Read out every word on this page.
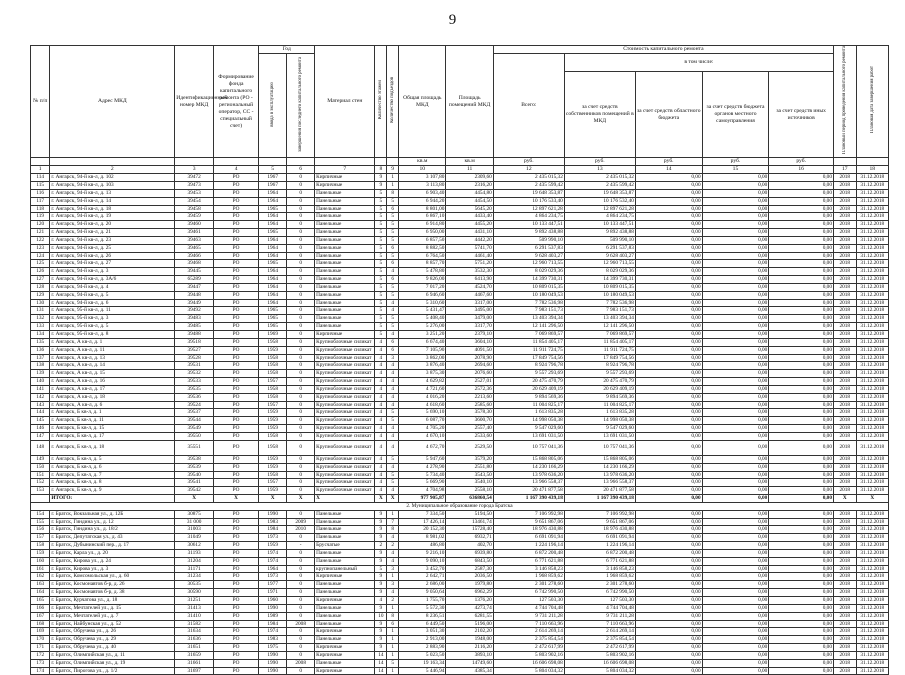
9
№ п/п	Адрес МКД	Идентификационный номер МКД	Формирование фонда капитального ремонта (РО - региональный оператор, СС - специальный счет)	Год		Материал стен	Количество этажей	Количество подъездов	Общая площадь МКД	Площадь помещений МКД	Стоимость капитального ремонта					Плановый период проведения капитального ремонта	Плановая дата завершения работ
				ввода в эксплуатацию	завершения последнего капитального ремонта						Всего:	в том числе:					
												за счет средств собственников помещений в МКД	за счет средств областного бюджета	за счет средств бюджета органов местного самоуправления	за счет средств иных источников		
									кв.м	кв.м	руб.	руб.	руб.	руб.	руб.		
1	2	3	4	5	6	7	8	9	10	11	12	13	14	15	16	17	18
114	г. Ангарск, 94-й кв-л, д. 102	39472	РО	1967	0	Кирпичные	9	1	3 107,80	2309,60	2 435 015,32	2 435 015,32	0,00	0,00	0,00	2018	31.12.2018
115	г. Ангарск, 94-й кв-л, д. 103	39473	РО	1967	0	Кирпичные	9	1	3 113,80	2316,20	2 435 599,42	2 435 599,42	0,00	0,00	0,00	2018	31.12.2018
116	г. Ангарск, 94-й кв-л, д. 13	39453	РО	1964	0	Панельные	5	8	6 903,40	4454,80	19 648 353,87	19 648 353,87	0,00	0,00	0,00	2018	31.12.2018
117	г. Ангарск, 94-й кв-л, д. 14	39454	РО	1964	0	Панельные	5	5	6 944,20	4454,50	10 176 533,40	10 176 532,40	0,00	0,00	0,00	2018	31.12.2018
118	г. Ангарск, 94-й кв-л, д. 18	39458	РО	1965	0	Панельные	5	6	8 801,00	5645,20	12 897 621,28	12 897 621,28	0,00	0,00	0,00	2018	31.12.2018
119	г. Ангарск, 94-й кв-л, д. 19	39459	РО	1964	0	Панельные	5	5	6 867,10	4433,40	4 864 234,75	4 864 234,75	0,00	0,00	0,00	2018	31.12.2018
120	г. Ангарск, 94-й кв-л, д. 20	39460	РО	1964	0	Панельные	5	5	6 914,80	4455,20	10 133 447,51	10 133 447,51	0,00	0,00	0,00	2018	31.12.2018
121	г. Ангарск, 94-й кв-л, д. 21	39461	РО	1965	0	Панельные	5	5	6 950,00	4431,10	9 892 438,88	9 892 438,88	0,00	0,00	0,00	2018	31.12.2018
122	г. Ангарск, 94-й кв-л, д. 23	39463	РО	1964	0	Панельные	5	5	6 857,50	4442,20	509 990,10	509 990,10	0,00	0,00	0,00	2018	31.12.2018
123	г. Ангарск, 94-й кв-л, д. 25	39465	РО	1964	0	Панельные	5	6	8 882,50	5741,70	6 291 537,83	6 291 537,83	0,00	0,00	0,00	2018	31.12.2018
124	г. Ангарск, 94-й кв-л, д. 26	39466	РО	1964	0	Панельные	5	5	6 764,50	4461,40	9 628 403,27	9 628 403,27	0,00	0,00	0,00	2018	31.12.2018
125	г. Ангарск, 94-й кв-л, д. 27	39468	РО	1965	0	Панельные	5	6	8 857,70	5751,20	12 960 713,55	12 960 713,55	0,00	0,00	0,00	2018	31.12.2018
126	г. Ангарск, 94-й кв-л, д. 3	39445	РО	1964	0	Панельные	5	4	5 478,80	3532,30	8 029 029,36	8 029 029,36	0,00	0,00	0,00	2018	31.12.2018
127	г. Ангарск, 94-й кв-л, д. 3А/6	65289	РО	1964	0	Панельные	5	6	9 826,00	6413,90	14 399 730,31	14 399 730,31	0,00	0,00	0,00	2018	31.12.2018
128	г. Ангарск, 94-й кв-л, д. 4	39447	РО	1964	0	Панельные	5	5	7 017,20	4524,70	10 809 015,35	10 809 015,35	0,00	0,00	0,00	2018	31.12.2018
129	г. Ангарск, 94-й кв-л, д. 5	39448	РО	1964	0	Панельные	5	5	6 946,60	4467,60	10 180 049,53	10 180 049,53	0,00	0,00	0,00	2018	31.12.2018
130	г. Ангарск, 94-й кв-л, д. 6	39449	РО	1964	0	Панельные	5	4	5 310,60	3317,00	7 782 536,98	7 782 536,98	0,00	0,00	0,00	2018	31.12.2018
131	г. Ангарск, 95-й кв-л, д. 11	39492	РО	1965	0	Панельные	5	4	5 431,47	3495,00	7 983 151,73	7 983 151,73	0,00	0,00	0,00	2018	31.12.2018
132	г. Ангарск, 95-й кв-л, д. 3	39483	РО	1965	0	Панельные	5	5	5 408,40	3479,00	13 403 394,34	13 403 394,34	0,00	0,00	0,00	2018	31.12.2018
133	г. Ангарск, 95-й кв-л, д. 5	39485	РО	1965	0	Панельные	5	5	5 276,00	3317,70	12 141 296,50	12 141 296,50	0,00	0,00	0,00	2018	31.12.2018
134	г. Ангарск, 95-й кв-л, д. 8	39488	РО	1969	0	Кирпичные	5	4	3 251,20	2379,10	7 069 869,57	7 069 869,57	0,00	0,00	0,00	2018	31.12.2018
135	г. Ангарск, А кв-л, д. 1	39518	РО	1958	0	Крупноблочные силикат	4	6	6 674,40	3604,10	11 854 405,17	11 854 405,17	0,00	0,00	0,00	2018	31.12.2018
136	г. Ангарск, А кв-л, д. 11	39527	РО	1959	0	Крупноблочные силикат	4	6	7 105,90	4091,50	11 911 724,75	11 911 724,75	0,00	0,00	0,00	2018	31.12.2018
137	г. Ангарск, А кв-л, д. 13	39528	РО	1958	0	Крупноблочные силикат	4	3	3 862,00	2078,90	17 849 754,56	17 849 754,56	0,00	0,00	0,00	2018	31.12.2018
138	г. Ангарск, А кв-л, д. 14	39531	РО	1958	0	Крупноблочные силикат	4	4	3 876,40	2694,60	8 924 796,78	8 924 796,78	0,00	0,00	0,00	2018	31.12.2018
139	г. Ангарск, А кв-л, д. 15	39532	РО	1958	0	Крупноблочные силикат	4	4	3 875,30	2076,60	9 557 293,69	9 557 293,69	0,00	0,00	0,00	2018	31.12.2018
140	г. Ангарск, А кв-л, д. 16	39533	РО	1957	0	Крупноблочные силикат	4	4	4 629,82	2527,01	20 475 470,79	20 475 470,79	0,00	0,00	0,00	2018	31.12.2018
141	г. Ангарск, А кв-л, д. 17	39535	РО	1958	0	Крупноблочные силикат	4	4	4 721,60	2572,36	20 629 409,19	20 629 409,19	0,00	0,00	0,00	2018	31.12.2018
142	г. Ангарск, А кв-л, д. 18	39536	РО	1958	0	Крупноблочные силикат	4	4	4 016,20	2213,60	9 894 569,36	9 894 569,36	0,00	0,00	0,00	2018	31.12.2018
143	г. Ангарск, А кв-л, д. 6	39524	РО	1957	0	Крупноблочные силикат	4	4	4 618,60	2585,60	11 004 825,17	11 004 825,17	0,00	0,00	0,00	2018	31.12.2018
144	г. Ангарск, Б кв-л, д. 1	39537	РО	1959	0	Крупноблочные силикат	4	5	5 690,10	3578,30	1 613 835,28	1 613 835,28	0,00	0,00	0,00	2018	31.12.2018
145	г. Ангарск, Б кв-л, д. 11	39544	РО	1959	0	Крупноблочные силикат	4	5	6 087,70	3600,70	14 998 050,38	14 998 050,38	0,00	0,00	0,00	2018	31.12.2018
146	г. Ангарск, Б кв-л, д. 15	39549	РО	1959	0	Крупноблочные силикат	4	4	4 705,20	2557,40	9 547 029,60	9 547 029,60	0,00	0,00	0,00	2018	31.12.2018
147	г. Ангарск, Б кв-л, д. 17	39550	РО	1958	0	Крупноблочные силикат	4	4	4 670,10	2533,60	13 691 031,50	13 691 031,50	0,00	0,00	0,00	2018	31.12.2018
148	г. Ангарск, Б кв-л, д. 18	35551	РО	1958	0	Крупноблочные силикат	4	4	4 672,70	2529,50	10 757 041,36	10 757 041,36	0,00	0,00	0,00	2018	31.12.2018
149	г. Ангарск, Б кв-л, д. 5	39538	РО	1959	0	Крупноблочные силикат	4	5	5 947,60	3579,20	15 868 805,06	15 868 805,06	0,00	0,00	0,00	2018	31.12.2018
150	г. Ангарск, Б кв-л, д. 6	39539	РО	1959	0	Крупноблочные силикат	4	4	4 278,90	2551,80	14 230 166,29	14 230 166,29	0,00	0,00	0,00	2018	31.12.2018
151	г. Ангарск, Б кв-л, д. 7	39540	РО	1958	0	Крупноблочные силикат	4	5	5 734,40	3543,50	13 978 636,20	13 978 636,20	0,00	0,00	0,00	2018	31.12.2018
152	г. Ангарск, Б кв-л, д. 8	39541	РО	1957	0	Крупноблочные силикат	4	5	5 669,90	3540,10	13 966 558,37	13 966 558,37	0,00	0,00	0,00	2018	31.12.2018
153	г. Ангарск, Б кв-л, д. 9	39542	РО	1959	0	Крупноблочные силикат	4	4	4 704,98	2558,10	20 471 877,58	20 471 877,58	0,00	0,00	0,00	2018	31.12.2018
	ИТОГО:	X	X	X	X	X	X	X	977 905,87	636860,54	1 167 390 439,18	1 167 390 439,18	0,00	0,00	0,00	X	X
2. Муниципальное образование города Братска																	
154	г. Братск, Вокзальная ул., д. 12Б	30875	РО	1990	0	Панельные	9	1	7 334,50	5194,50	7 106 992,98	7 106 992,98	0,00	0,00	0,00	2018	31.12.2018
155	г. Братск, Гиндина ул., д. 12	31 000	РО	1983	2009	Панельные	9	7	17 426,14	13461,74	9 651 867,06	9 651 867,06	0,00	0,00	0,00	2018	31.12.2018
156	г. Братск, Гиндина ул., д. 18/2	31003	РО	1984	2010	Панельные	9	8	20 152,30	15728,40	18 976 430,88	18 976 430,88	0,00	0,00	0,00	2018	31.12.2018
157	г. Братск, Депутатская ул., д. 43	31049	РО	1973	0	Панельные	9	4	8 981,02	6932,71	6 691 091,94	6 691 091,94	0,00	0,00	0,00	2018	31.12.2018
158	г. Братск, Дубынинский пер., д. 17	30612	РО	1959	-	Брусчатые	2	2	486,80	402,70	1 224 196,14	1 224 196,14	0,00	0,00	0,00	2018	31.12.2018
159	г. Братск, Карла ул., д. 20	31193	РО	1974	0	Панельные	9	4	9 216,10	6939,80	6 872 200,48	6 872 200,48	0,00	0,00	0,00	2018	31.12.2018
160	г. Братск, Кирова ул., д. 24	31204	РО	1974	0	Панельные	9	4	9 090,10	6843,50	6 771 621,88	6 771 621,88	0,00	0,00	0,00	2018	31.12.2018
161	г. Братск, Кирова ул., д. 3	31171	РО	1964	0	крупнопанельный	5	3	3 452,70	2587,30	3 146 858,23	3 146 858,23	0,00	0,00	0,00	2018	31.12.2018
162	г. Братск, Комсомольская ул., д. 60	31234	РО	1973	0	Кирпичные	9	1	2 642,71	2036,50	1 968 859,62	1 968 859,62	0,00	0,00	0,00	2018	31.12.2018
163	г. Братск, Космонавтов б-р, д. 26	30535	РО	1977	0	Панельные	9	3	2 686,00	1979,80	2 301 278,60	2 301 278,60	0,00	0,00	0,00	2018	31.12.2018
164	г. Братск, Космонавтов б-р, д. 38	30590	РО	1971	0	Панельные	9	4	9 050,64	6962,29	6 742 990,50	6 742 990,50	0,00	0,00	0,00	2018	31.12.2018
165	г. Братск, Курчатова ул., д. 18	31251	РО	1960	0	Кирпичные	4	2	1 755,70	1376,20	127 503,30	127 503,30	0,00	0,00	0,00	2018	31.12.2018
166	г. Братск, Мечтателей ул., д. 15	31413	РО	1990	0	Панельные	9	1	5 572,30	4273,74	4 744 704,48	4 744 704,48	0,00	0,00	0,00	2018	31.12.2018
167	г. Братск, Мечтателей ул., д. 7	31410	РО	1989	0	Панельные	10	8	8 236,51	6281,55	9 731 211,28	9 731 211,28	0,00	0,00	0,00	2018	31.12.2018
168	г. Братск, Найбунская ул., д. 52	31582	РО	1984	2008	Панельные	9	6	6 449,50	5196,00	7 110 663,96	7 110 663,96	0,00	0,00	0,00	2018	31.12.2018
169	г. Братск, Обручева ул., д. 26	31634	РО	1974	0	Кирпичные	9	1	3 051,30	2102,20	2 614 269,14	2 614 269,14	0,00	0,00	0,00	2018	31.12.2018
170	г. Братск, Обручева ул., д. 29	31636	РО	1983	0	Панельные	9	1	2 913,00	1948,00	2 375 854,54	2 375 854,54	0,00	0,00	0,00	2018	31.12.2018
171	г. Братск, Обручева ул., д. 40	31651	РО	1975	0	Кирпичные	9	1	2 883,90	2116,20	2 472 617,99	2 472 617,99	0,00	0,00	0,00	2018	31.12.2018
172	г. Братск, Олимпийская ул., д. 11	31659	РО	1990	0	Кирпичные	14	1	5 023,50	3893,10	5 803 902,16	5 803 902,16	0,00	0,00	0,00	2018	31.12.2018
173	г. Братск, Олимпийская ул., д. 19	31661	РО	1990	2008	Панельные	14	5	19 163,34	14749,60	16 606 698,08	16 606 698,08	0,00	0,00	0,00	2018	31.12.2018
174	г. Братск, Пирогова ул., д. 1/2	31697	РО	1990	0	Кирпичные	14	1	5 446,94	4385,34	5 804 034,32	5 804 034,32	0,00	0,00	0,00	2018	31.12.2018
